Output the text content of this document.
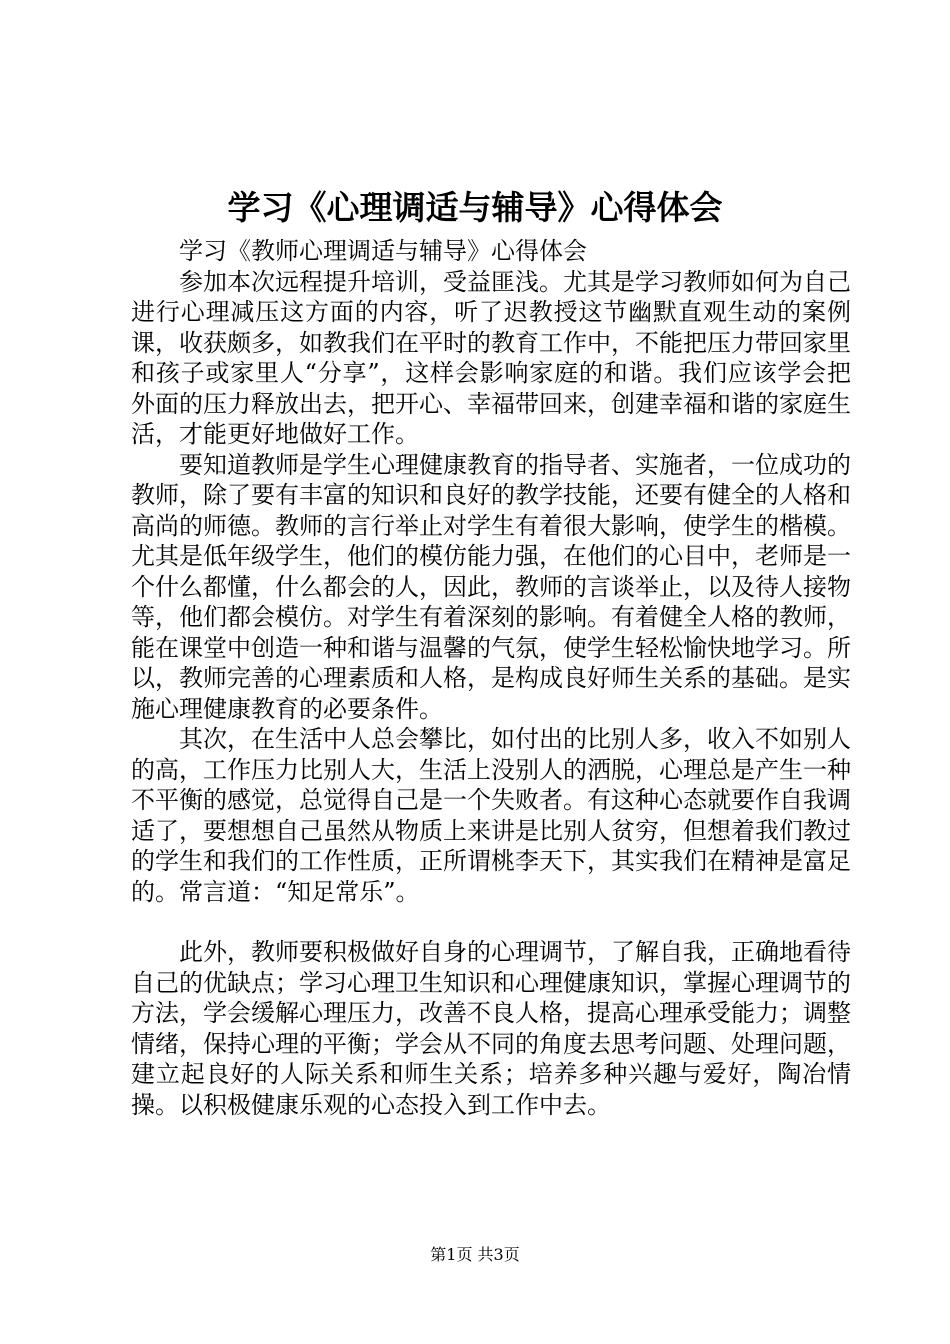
学习《心理调适与辅导》心得体会

学习《教师心理调适与辅导》心得体会

参加本次远程提升培训，受益匪浅。尤其是学习教师如何为自己进行心理减压这方面的内容，听了迟教授这节幽默直观生动的案例课，收获颇多，如教我们在平时的教育工作中，不能把压力带回家里和孩子或家里人“分享”，这样会影响家庭的和谐。我们应该学会把外面的压力释放出去，把开心、幸福带回来，创建幸福和谐的家庭生活，才能更好地做好工作。

要知道教师是学生心理健康教育的指导者、实施者，一位成功的教师，除了要有丰富的知识和良好的教学技能，还要有健全的人格和高尚的师德。教师的言行举止对学生有着很大影响，使学生的楷模。尤其是低年级学生，他们的模仿能力强，在他们的心目中，老师是一个什么都懂，什么都会的人，因此，教师的言谈举止，以及待人接物等，他们都会模仿。对学生有着深刻的影响。有着健全人格的教师，能在课堂中创造一种和谐与温馨的气氛，使学生轻松愉快地学习。所以，教师完善的心理素质和人格，是构成良好师生关系的基础。是实施心理健康教育的必要条件。

其次，在生活中人总会攀比，如付出的比别人多，收入不如别人的高，工作压力比别人大，生活上没别人的洒脱，心理总是产生一种不平衡的感觉，总觉得自己是一个失败者。有这种心态就要作自我调适了，要想想自己虽然从物质上来讲是比别人贫穷，但想着我们教过的学生和我们的工作性质，正所谓桃李天下，其实我们在精神是富足的。常言道：“知足常乐”。

此外，教师要积极做好自身的心理调节，了解自我，正确地看待自己的优缺点；学习心理卫生知识和心理健康知识，掌握心理调节的方法，学会缓解心理压力，改善不良人格，提高心理承受能力；调整情绪，保持心理的平衡；学会从不同的角度去思考问题、处理问题，建立起良好的人际关系和师生关系；培养多种兴趣与爱好，陶冶情操。以积极健康乐观的心态投入到工作中去。

第1页 共3页
